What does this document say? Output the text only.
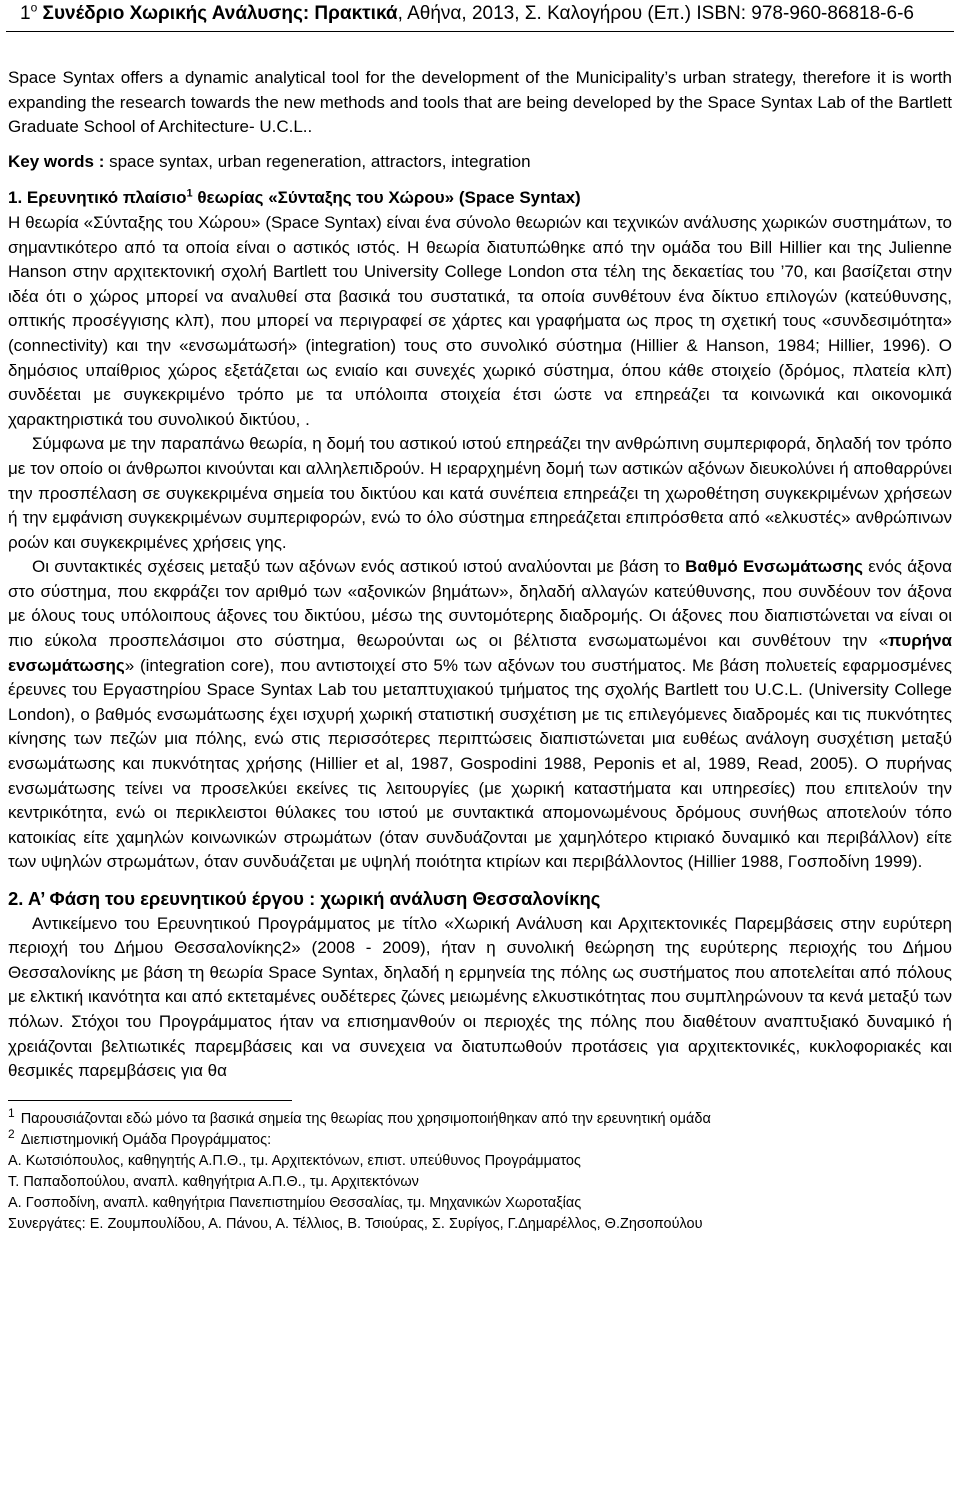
$1^o$ Συνέδριο Χωρικής Ανάλυσης: Πρακτικά, Αθήνα, 2013, Σ. Καλογήρου (Επ.) ISBN: 978-960-86818-6-6

Space Syntax offers a dynamic analytical tool for the development of the Municipality’s urban strategy, therefore it is worth expanding the research towards the new methods and tools that are being developed by the Space Syntax Lab of the Bartlett Graduate School of Architecture- U.C.L..

Key words : space syntax, urban regeneration, attractors, integration

1. Ερευνητικό πλαίσιο$^1$ θεωρίας «Σύνταξης του Χώρου» (Space Syntax)

Η θεωρία «Σύνταξης του Χώρου» (Space Syntax) είναι ένα σύνολο θεωριών και τεχνικών ανάλυσης χωρικών συστημάτων, το σημαντικότερο από τα οποία είναι ο αστικός ιστός. Η θεωρία διατυπώθηκε από την ομάδα του Bill Hillier και της Julienne Hanson στην αρχιτεκτονική σχολή Bartlett του University College London στα τέλη της δεκαετίας του ’70, και βασίζεται στην ιδέα ότι ο χώρος μπορεί να αναλυθεί στα βασικά του συστατικά, τα οποία συνθέτουν ένα δίκτυο επιλογών (κατεύθυνσης, οπτικής προσέγγισης κλπ), που μπορεί να περιγραφεί σε χάρτες και γραφήματα ως προς τη σχετική τους «συνδεσιμότητα» (connectivity) και την «ενσωμάτωσή» (integration) τους στο συνολικό σύστημα (Hillier & Hanson, 1984; Hillier, 1996). Ο δημόσιος υπαίθριος χώρος εξετάζεται ως ενιαίο και συνεχές χωρικό σύστημα, όπου κάθε στοιχείο (δρόμος, πλατεία κλπ) συνδέεται με συγκεκριμένο τρόπο με τα υπόλοιπα στοιχεία έτσι ώστε να επηρεάζει τα κοινωνικά και οικονομικά χαρακτηριστικά του συνολικού δικτύου, .

Σύμφωνα με την παραπάνω θεωρία, η δομή του αστικού ιστού επηρεάζει την ανθρώπινη συμπεριφορά, δηλαδή τον τρόπο με τον οποίο οι άνθρωποι κινούνται και αλληλεπιδρούν. Η ιεραρχημένη δομή των αστικών αξόνων διευκολύνει ή αποθαρρύνει την προσπέλαση σε συγκεκριμένα σημεία του δικτύου και κατά συνέπεια επηρεάζει τη χωροθέτηση συγκεκριμένων χρήσεων ή την εμφάνιση συγκεκριμένων συμπεριφορών, ενώ το όλο σύστημα επηρεάζεται επιπρόσθετα από «ελκυστές» ανθρώπινων ροών και συγκεκριμένες χρήσεις γης.

Οι συντακτικές σχέσεις μεταξύ των αξόνων ενός αστικού ιστού αναλύονται με βάση το Βαθμό Ενσωμάτωσης ενός άξονα στο σύστημα, που εκφράζει τον αριθμό των «αξονικών βημάτων», δηλαδή αλλαγών κατεύθυνσης, που συνδέουν τον άξονα με όλους τους υπόλοιπους άξονες του δικτύου, μέσω της συντομότερης διαδρομής. Οι άξονες που διαπιστώνεται να είναι οι πιο εύκολα προσπελάσιμοι στο σύστημα, θεωρούνται ως οι βέλτιστα ενσωματωμένοι και συνθέτουν την «πυρήνα ενσωμάτωσης» (integration core), που αντιστοιχεί στο 5% των αξόνων του συστήματος. Με βάση πολυετείς εφαρμοσμένες έρευνες του Εργαστηρίου Space Syntax Lab του μεταπτυχιακού τμήματος της σχολής Bartlett του U.C.L. (University College London), ο βαθμός ενσωμάτωσης έχει ισχυρή χωρική στατιστική συσχέτιση με τις επιλεγόμενες διαδρομές και τις πυκνότητες κίνησης των πεζών μια πόλης, ενώ στις περισσότερες περιπτώσεις διαπιστώνεται μια ευθέως ανάλογη συσχέτιση μεταξύ ενσωμάτωσης και πυκνότητας χρήσης (Hillier et al, 1987, Gospodini 1988, Peponis et al, 1989, Read, 2005). Ο πυρήνας ενσωμάτωσης τείνει να προσελκύει εκείνες τις λειτουργίες (με χωρική καταστήματα και υπηρεσίες) που επιτελούν την κεντρικότητα, ενώ οι περικλειστοι θύλακες του ιστού με συντακτικά απομονωμένους δρόμους συνήθως αποτελούν τόπο κατοικίας είτε χαμηλών κοινωνικών στρωμάτων (όταν συνδυάζονται με χαμηλότερο κτιριακό δυναμικό και περιβάλλον) είτε των υψηλών στρωμάτων, όταν συνδυάζεται με υψηλή ποιότητα κτιρίων και περιβάλλοντος (Hillier 1988, Γοσποδίνη 1999).

2. Α’ Φάση του ερευνητικού έργου : χωρική ανάλυση Θεσσαλονίκης

Αντικείμενο του Ερευνητικού Προγράμματος με τίτλο «Χωρική Ανάλυση και Αρχιτεκτονικές Παρεμβάσεις στην ευρύτερη περιοχή του Δήμου Θεσσαλονίκης2» (2008 - 2009), ήταν η συνολική θεώρηση της ευρύτερης περιοχής του Δήμου Θεσσαλονίκης με βάση τη θεωρία Space Syntax, δηλαδή η ερμηνεία της πόλης ως συστήματος που αποτελείται από πόλους με ελκτική ικανότητα και από εκτεταμένες ουδέτερες ζώνες μειωμένης ελκυστικότητας που συμπληρώνουν τα κενά μεταξύ των πόλων. Στόχοι του Προγράμματος ήταν να επισημανθούν οι περιοχές της πόλης που διαθέτουν αναπτυξιακό δυναμικό ή χρειάζονται βελτιωτικές παρεμβάσεις και να συνεχεια να διατυπωθούν προτάσεις για αρχιτεκτονικές, κυκλοφοριακές και θεσμικές παρεμβάσεις για θα

$^1$ Παρουσιάζονται εδώ μόνο τα βασικά σημεία της θεωρίας που χρησιμοποιήθηκαν από την ερευνητική ομάδα

$^2$ Διεπιστημονική Ομάδα Προγράμματος:

Α. Κωτσιόπουλος, καθηγητής Α.Π.Θ., τμ. Αρχιτεκτόνων, επιστ. υπεύθυνος Προγράμματος

Τ. Παπαδοπούλου, αναπλ. καθηγήτρια Α.Π.Θ., τμ. Αρχιτεκτόνων

Α. Γοσποδίνη, αναπλ. καθηγήτρια Πανεπιστημίου Θεσσαλίας, τμ. Μηχανικών Χωροταξίας

Συνεργάτες: Ε. Ζουμπουλίδου, Α. Πάνου, Α. Τέλλιος, Β. Τσιούρας, Σ. Συρίγος, Γ.Δημαρέλλος, Θ.Ζησοπούλου
